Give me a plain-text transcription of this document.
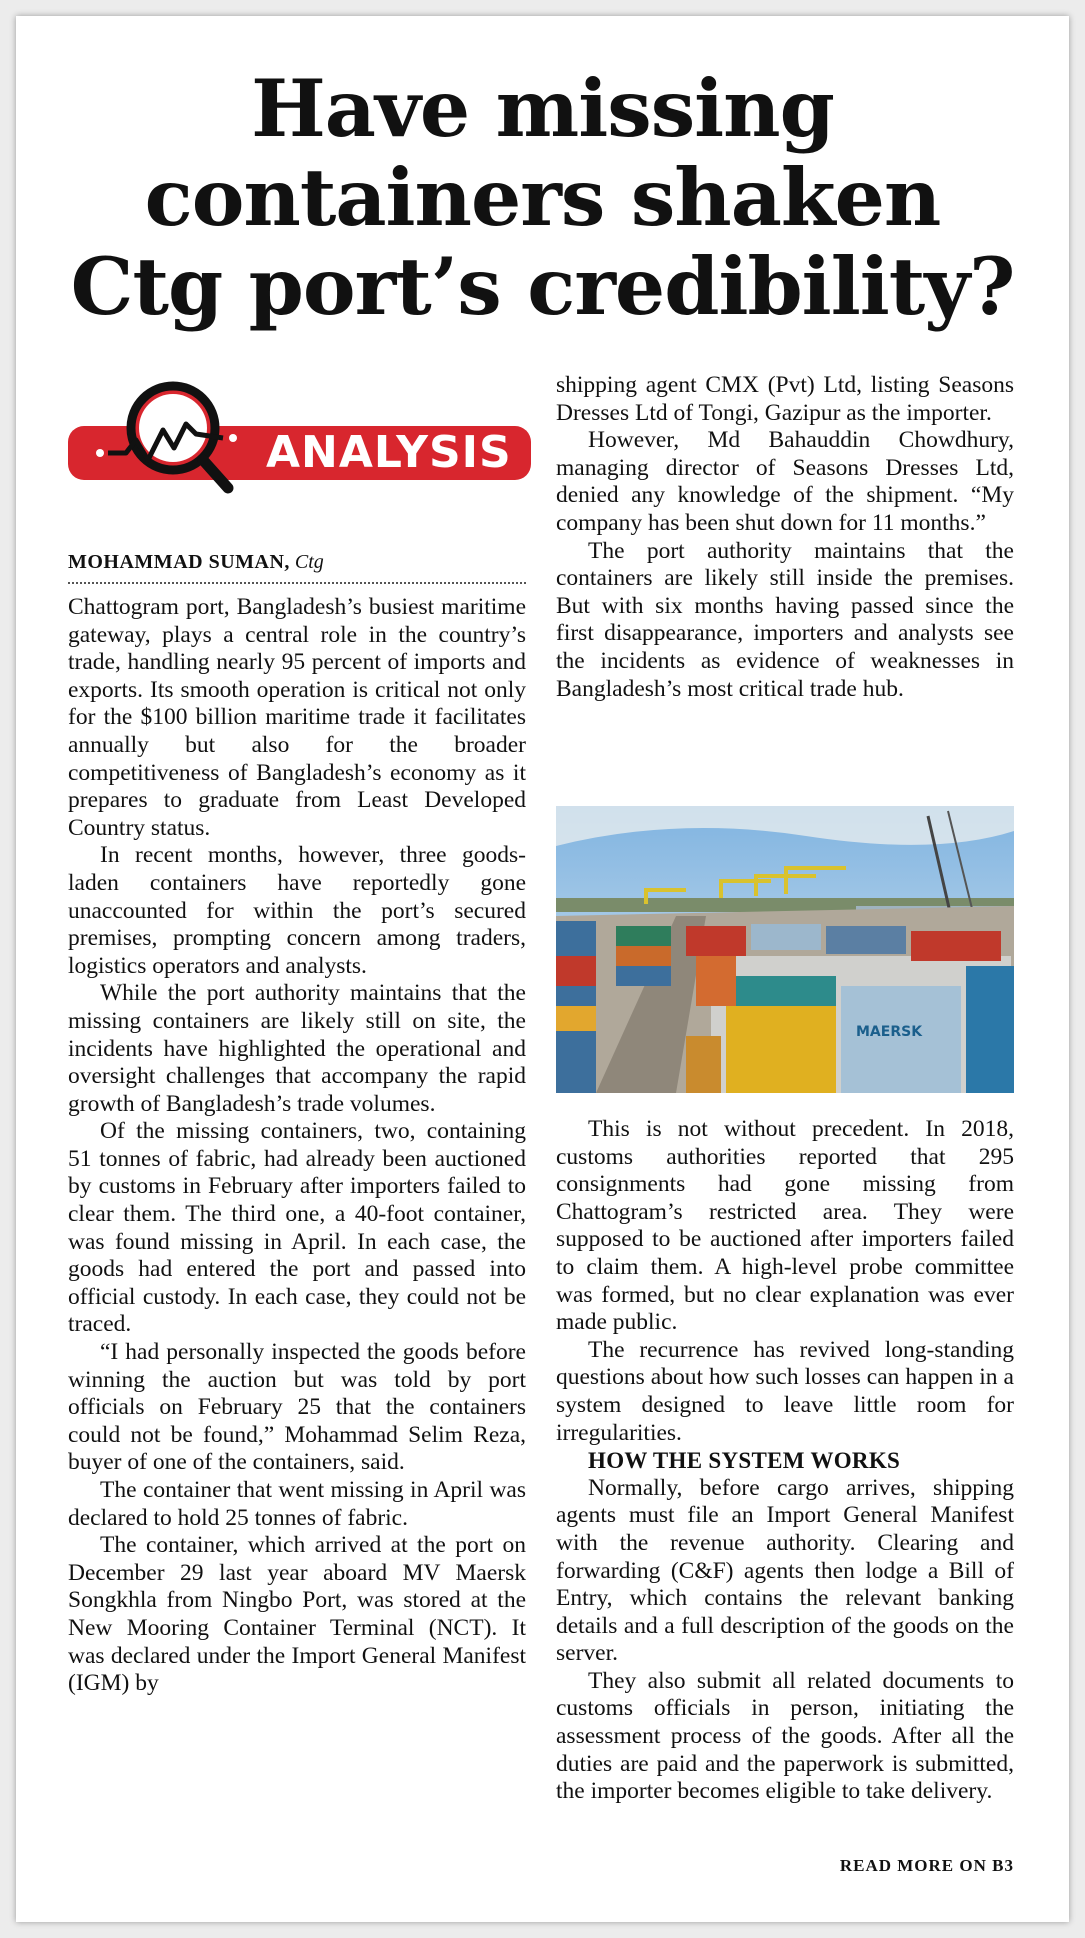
Have missing
containers shaken
Ctg port’s credibility?
ANALYSIS
MOHAMMAD SUMAN, Ctg

Chattogram port, Bangladesh’s busiest maritime gateway, plays a central role in the country’s trade, handling nearly 95 percent of imports and exports. Its smooth operation is critical not only for the $100 billion maritime trade it facilitates annually but also for the broader competitiveness of Bangladesh’s economy as it prepares to graduate from Least Developed Country status.

In recent months, however, three goods-laden containers have reportedly gone unaccounted for within the port’s secured premises, prompting concern among traders, logistics operators and analysts.

While the port authority maintains that the missing containers are likely still on site, the incidents have highlighted the operational and oversight challenges that accompany the rapid growth of Bangladesh’s trade volumes.

Of the missing containers, two, containing 51 tonnes of fabric, had already been auctioned by customs in February after importers failed to clear them. The third one, a 40-foot container, was found missing in April. In each case, the goods had entered the port and passed into official custody. In each case, they could not be traced.

“I had personally inspected the goods before winning the auction but was told by port officials on February 25 that the containers could not be found,” Mohammad Selim Reza, buyer of one of the containers, said.

The container that went missing in April was declared to hold 25 tonnes of fabric.

The container, which arrived at the port on December 29 last year aboard MV Maersk Songkhla from Ningbo Port, was stored at the New Mooring Container Terminal (NCT). It was declared under the Import General Manifest (IGM) by

shipping agent CMX (Pvt) Ltd, listing Seasons Dresses Ltd of Tongi, Gazipur as the importer.

However, Md Bahauddin Chowdhury, managing director of Seasons Dresses Ltd, denied any knowledge of the shipment. “My company has been shut down for 11 months.”

The port authority maintains that the containers are likely still inside the premises. But with six months having passed since the first disappearance, importers and analysts see the incidents as evidence of weaknesses in Bangladesh’s most critical trade hub.

MAERSK

This is not without precedent. In 2018, customs authorities reported that 295 consignments had gone missing from Chattogram’s restricted area. They were supposed to be auctioned after importers failed to claim them. A high-level probe committee was formed, but no clear explanation was ever made public.

The recurrence has revived long-standing questions about how such losses can happen in a system designed to leave little room for irregularities.

HOW THE SYSTEM WORKS

Normally, before cargo arrives, shipping agents must file an Import General Manifest with the revenue authority. Clearing and forwarding (C&F) agents then lodge a Bill of Entry, which contains the relevant banking details and a full description of the goods on the server.

They also submit all related documents to customs officials in person, initiating the assessment process of the goods. After all the duties are paid and the paperwork is submitted, the importer becomes eligible to take delivery.

READ MORE ON B3
